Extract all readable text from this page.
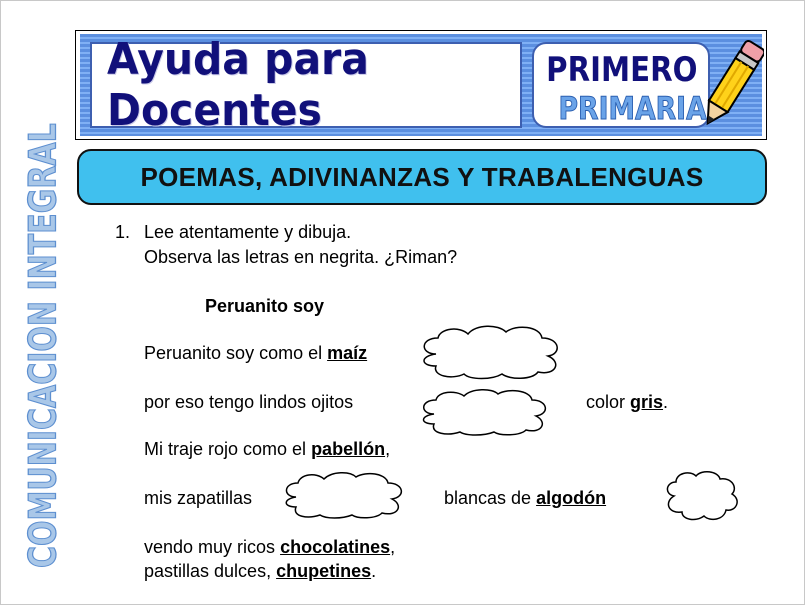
Ayuda para Docentes
PRIMERO
PRIMARIA
POEMAS, ADIVINANZAS Y TRABALENGUAS
COMUNICACION INTEGRAL	1. Lee atentamente y dibuja.
Observa las letras en negrita. ¿Riman?
Peruanito soy
Peruanito soy como el maíz
por eso tengo lindos ojitos	color gris.
Mi traje rojo como el pabellón,
mis zapatillas	blancas de algodón
vendo muy ricos chocolatines,
pastillas dulces, chupetines.
